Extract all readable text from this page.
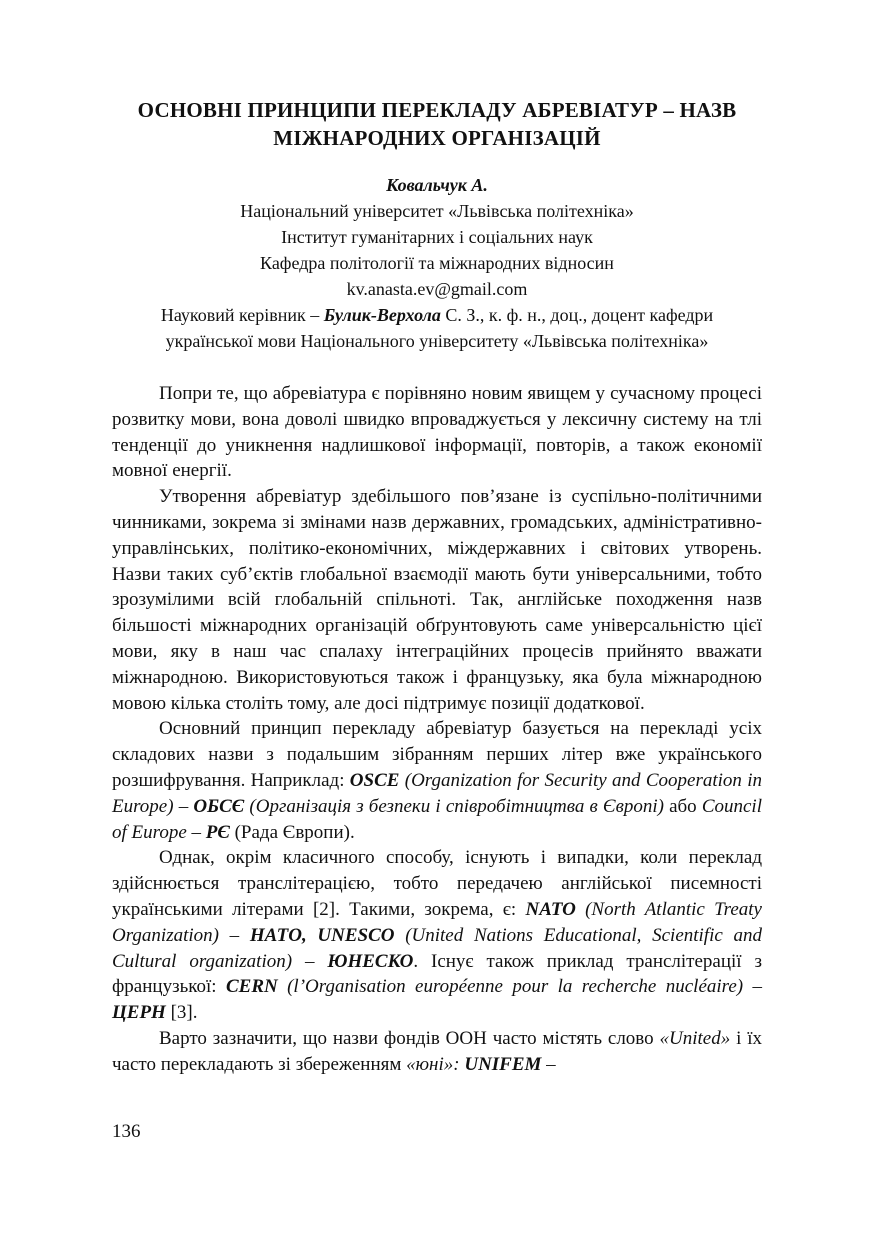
ОСНОВНІ ПРИНЦИПИ ПЕРЕКЛАДУ АБРЕВІАТУР – НАЗВ
МІЖНАРОДНИХ ОРГАНІЗАЦІЙ
Ковальчук А.
Національний університет «Львівська політехніка»
Інститут гуманітарних і соціальних наук
Кафедра політології та міжнародних відносин
kv.anasta.ev@gmail.com
Науковий керівник – Булик-Верхола С. З., к. ф. н., доц., доцент кафедри
української мови Національного університету «Львівська політехніка»

Попри те, що абревіатура є порівняно новим явищем у сучасному процесі розвитку мови, вона доволі швидко впроваджується у лексичну систему на тлі тенденції до уникнення надлишкової інформації, повторів, а також економії мовної енергії.

Утворення абревіатур здебільшого пов’язане із суспільно-політичними чинниками, зокрема зі змінами назв державних, громадських, адміністративно-управлінських, політико-економічних, міждержавних і світових утворень. Назви таких суб’єктів глобальної взаємодії мають бути універсальними, тобто зрозумілими всій глобальній спільноті. Так, англійське походження назв більшості міжнародних організацій обґрунтовують саме універсальністю цієї мови, яку в наш час спалаху інтеграційних процесів прийнято вважати міжнародною. Використовуються також і французьку, яка була міжнародною мовою кілька століть тому, але досі підтримує позиції додаткової.

Основний принцип перекладу абревіатур базується на перекладі усіх складових назви з подальшим зібранням перших літер вже українського розшифрування. Наприклад: OSCE (Organization for Security and Cooperation in Europe) – ОБСЄ (Організація з безпеки і співробітництва в Європі) або Council of Europe – РЄ (Рада Європи).

Однак, окрім класичного способу, існують і випадки, коли переклад здійснюється транслітерацією, тобто передачею англійської писемності українськими літерами [2]. Такими, зокрема, є: NATO (North Atlantic Treaty Organization) – НАТО, UNESCO (United Nations Educational, Scientific and Cultural organization) – ЮНЕСКО. Існує також приклад транслітерації з французької: CERN (l’Organisation européenne pour la recherche nucléaire) – ЦЕРН [3].

Варто зазначити, що назви фондів ООН часто містять слово «United» і їх часто перекладають зі збереженням «юні»: UNIFEM –

136
